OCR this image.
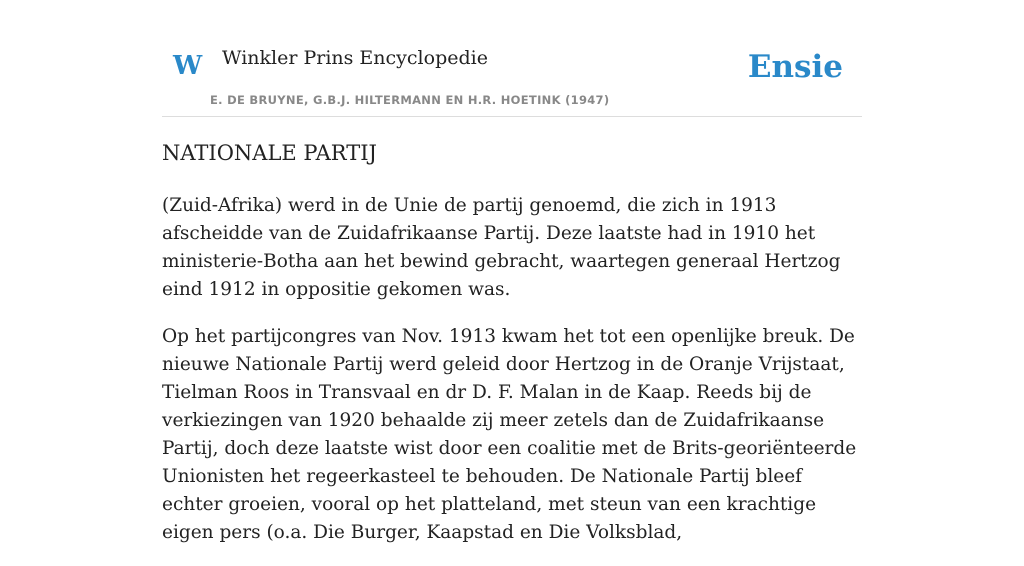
W Winkler Prins Encyclopedie	Ensie
E. DE BRUYNE, G.B.J. HILTERMANN EN H.R. HOETINK (1947)
NATIONALE PARTIJ

(Zuid-Afrika) werd in de Unie de partij genoemd, die zich in 1913 afscheidde van de Zuidafrikaanse Partij. Deze laatste had in 1910 het ministerie-Botha aan het bewind gebracht, waartegen generaal Hertzog eind 1912 in oppositie gekomen was.

Op het partijcongres van Nov. 1913 kwam het tot een openlijke breuk. De nieuwe Nationale Partij werd geleid door Hertzog in de Oranje Vrijstaat, Tielman Roos in Transvaal en dr D. F. Malan in de Kaap. Reeds bij de verkiezingen van 1920 behaalde zij meer zetels dan de Zuidafrikaanse Partij, doch deze laatste wist door een coalitie met de Brits-georiënteerde Unionisten het regeerkasteel te behouden. De Nationale Partij bleef echter groeien, vooral op het platteland, met steun van een krachtige eigen pers (o.a. Die Burger, Kaapstad en Die Volksblad,
